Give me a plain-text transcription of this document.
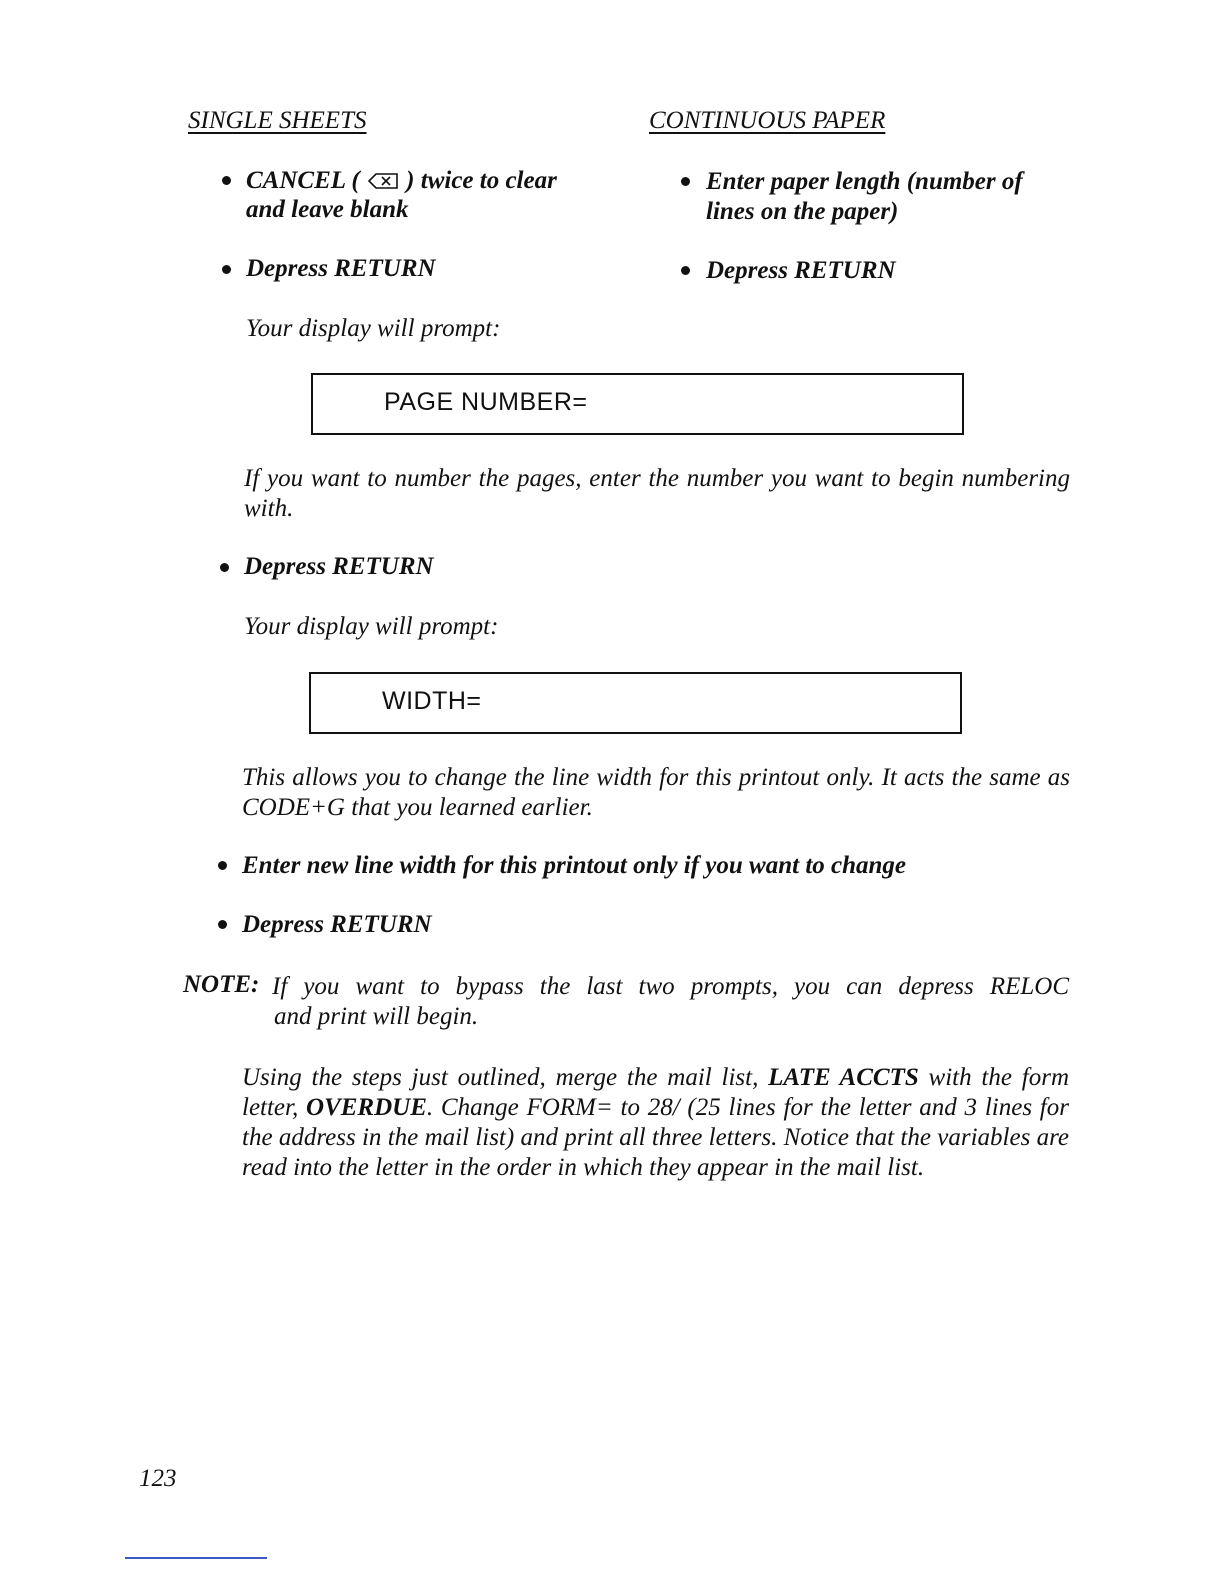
SINGLE SHEETS	CONTINUOUS PAPER
CANCEL ( ) twice to clear
and leave blank
Depress RETURN
Enter paper length (number of
lines on the paper)
Depress RETURN
Your display will prompt:
PAGE NUMBER=
If you want to number the pages, enter the number you want to begin numbering with.
Depress RETURN
Your display will prompt:
WIDTH=
This allows you to change the line width for this printout only. It acts the same as CODE+G that you learned earlier.
Enter new line width for this printout only if you want to change
Depress RETURN
NOTE: If you want to bypass the last two prompts, you can depress RELOC
and print will begin.
Using the steps just outlined, merge the mail list, LATE ACCTS with the form letter, OVERDUE. Change FORM= to 28/ (25 lines for the letter and 3 lines for the address in the mail list) and print all three letters. Notice that the variables are read into the letter in the order in which they appear in the mail list.
123
